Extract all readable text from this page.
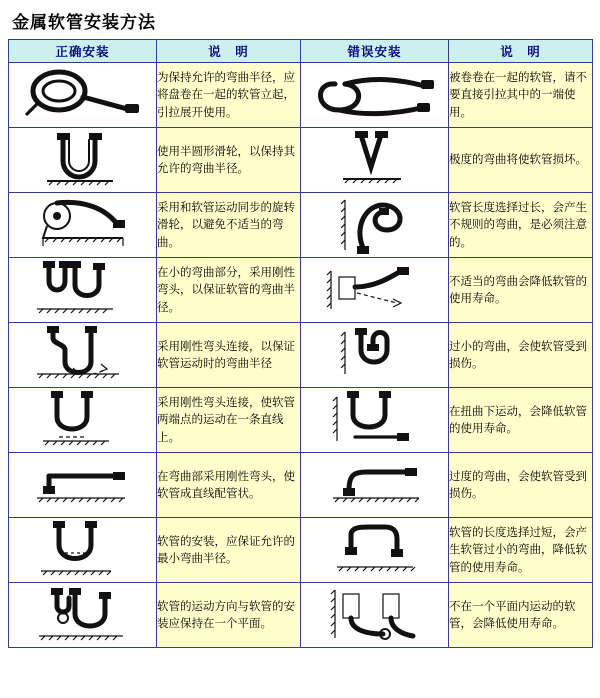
金属软管安装方法
正确安装	说　明	错误安装	说　明

	为保持允许的弯曲半径，应将盘卷在一起的软管立起，引拉展开使用。		被卷卷在一起的软管，请不要直接引拉其中的一端使用。

	使用半圆形滑轮，以保持其允许的弯曲半径。		极度的弯曲将使软管损坏。

	采用和软管运动同步的旋转滑轮，以避免不适当的弯曲。		软管长度选择过长，会产生不规则的弯曲，是必须注意的。

	在小的弯曲部分，采用刚性弯头，以保证软管的弯曲半径。		不适当的弯曲会降低软管的使用寿命。

	采用刚性弯头连接，以保证软管运动时的弯曲半径		过小的弯曲，会使软管受到损伤。

	采用刚性弯头连接，使软管两端点的运动在一条直线上。		在扭曲下运动，会降低软管的使用寿命。

	在弯曲部采用刚性弯头，使软管成直线配管状。		过度的弯曲，会使软管受到损伤。

	软管的安装，应保证允许的最小弯曲半径。		软管的长度选择过短，会产生软管过小的弯曲，降低软管的使用寿命。

	软管的运动方向与软管的安装应保持在一个平面。		不在一个平面内运动的软管，会降低使用寿命。
